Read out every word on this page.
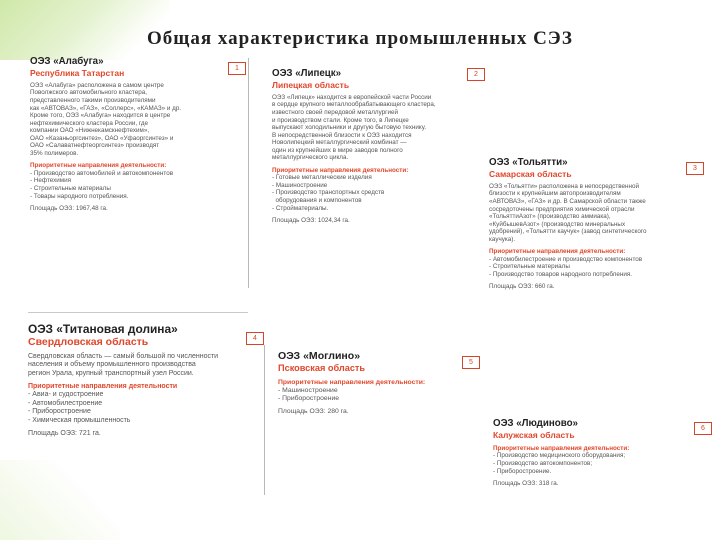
Общая характеристика промышленных СЭЗ
ОЭЗ «Алабуга»
Республика Татарстан
ОЭЗ «Алабуга» расположена в самом центре
Поволжского автомобильного кластера,
представленного такими производителями
как «АВТОВАЗ», «ГАЗ», «Соллерс», «КАМАЗ» и др.
Кроме того, ОЭЗ «Алабуга» находится в центре
нефтехимического кластера России, где
компании ОАО «Нижнекамскнефтехим»,
ОАО «Казаньоргсинтез», ОАО «Уфаоргсинтез» и
ОАО «Салаватнефтеоргсинтез» производят
35% полимеров.
Приоритетные направления деятельности:
- Производство автомобилей и автокомпонентов
- Нефтехимия
- Строительные материалы
- Товары народного потребления.
Площадь ОЭЗ: 1967,48 га.
1	ОЭЗ «Липецк»
Липецкая область
ОЭЗ «Липецк» находится в европейской части России
в сердце крупного металлообрабатывающего кластера,
известного своей передовой металлургией
и производством стали. Кроме того, в Липецке
выпускают холодильники и другую бытовую технику.
В непосредственной близости к ОЭЗ находится
Новолипецкий металлургический комбинат —
один из крупнейших в мире заводов полного
металлургического цикла.
Приоритетные направления деятельности:
- Готовые металлические изделия
- Машиностроение
- Производство транспортных средств
оборудования и компонентов
- Стройматериалы.
Площадь ОЭЗ: 1024,34 га.
2
ОЭЗ «Тольятти»
Самарская область
ОЭЗ «Тольятти» расположена в непосредственной
близости к крупнейшим автопроизводителям
«АВТОВАЗ», «ГАЗ» и др. В Самарской области также
сосредоточены предприятия химической отрасли
«ТольяттиАзот» (производство аммиака),
«КуйбышевАзот» (производство минеральных
удобрений), «Тольятти каучук» (завод синтетического
каучука).
Приоритетные направления деятельности:
- Автомобилестроение и производство компонентов
- Строительные материалы
- Производство товаров народного потребления.
Площадь ОЭЗ: 660 га.
3
ОЭЗ «Титановая долина»
Свердловская область
Свердловская область — самый большой по численности
населения и объему промышленного производства
регион Урала, крупный транспортный узел России.
Приоритетные направления деятельности
- Авиа- и судостроение
- Автомобилестроение
- Приборостроение
- Химическая промышленность
Площадь ОЭЗ: 721 га.
4
ОЭЗ «Моглино»
Псковская область
Приоритетные направления деятельности:
- Машиностроение
- Приборостроение
Площадь ОЭЗ: 280 га.
5
ОЭЗ «Людиново»
Калужская область
Приоритетные направления деятельности:
- Производство медицинского оборудования;
- Производство автокомпонентов;
- Приборостроение.
Площадь ОЭЗ: 318 га.
6
